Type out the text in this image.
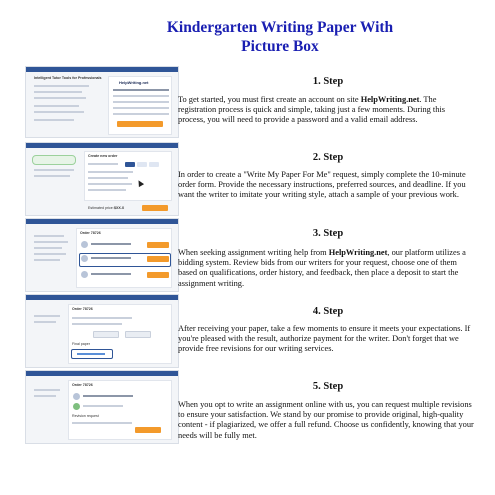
Kindergarten Writing Paper With Picture Box
Intelligent Tutor Tools for Professionals
HelpWriting.net	1. Step
To get started, you must first create an account on site HelpWriting.net. The registration process is quick and simple, taking just a few moments. During this process, you will need to provide a password and a valid email address.
Create new order
Estimated price: $XX.X
2. Step
In order to create a "Write My Paper For Me" request, simply complete the 10-minute order form. Provide the necessary instructions, preferred sources, and deadline. If you want the writer to imitate your writing style, attach a sample of your previous work.
Order 78726	3. Step
When seeking assignment writing help from HelpWriting.net, our platform utilizes a bidding system. Review bids from our writers for your request, choose one of them based on qualifications, order history, and feedback, then place a deposit to start the assignment writing.
Order 78726
Final paper
4. Step
After receiving your paper, take a few moments to ensure it meets your expectations. If you're pleased with the result, authorize payment for the writer. Don't forget that we provide free revisions for our writing services.
Order 78726
Revision request
5. Step
When you opt to write an assignment online with us, you can request multiple revisions to ensure your satisfaction. We stand by our promise to provide original, high-quality content - if plagiarized, we offer a full refund. Choose us confidently, knowing that your needs will be fully met.
